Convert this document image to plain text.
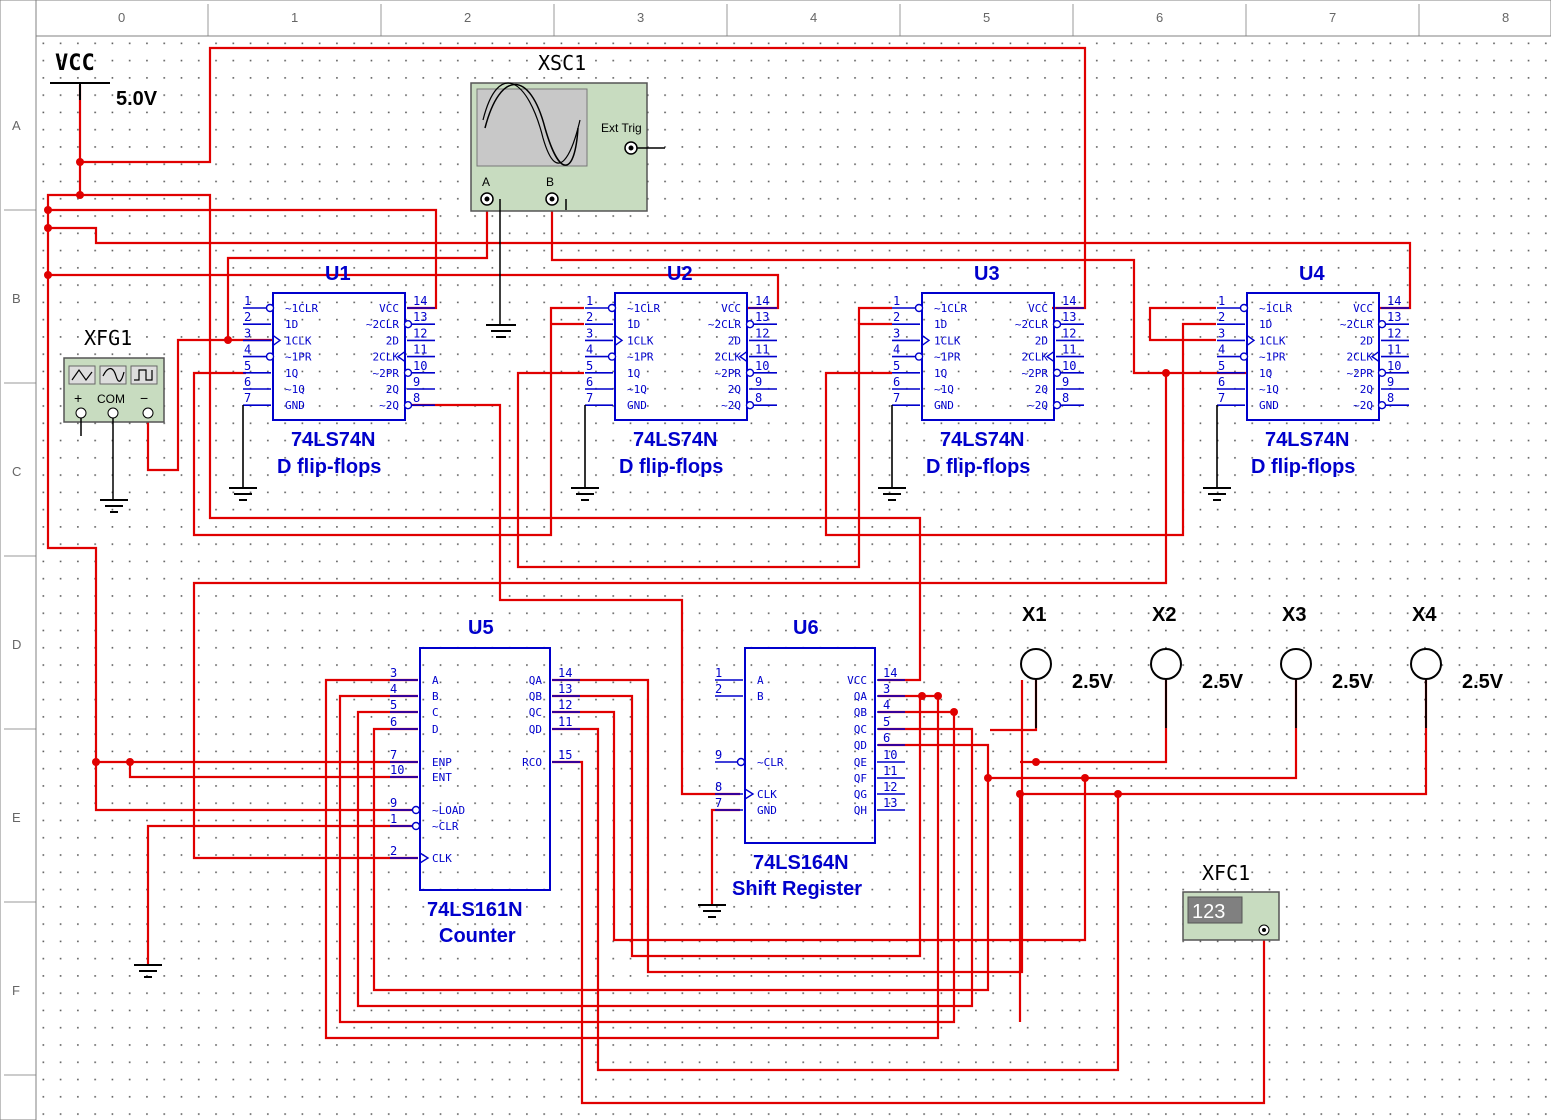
0	1	2	3	4	5	6	7	8
A
B
C
D
E
F
VCC
5.0V
XSC1
Ext Trig
A	B
XFG1
+ COM −
U1
74LS74N
D flip-flops
1
~1CLR
2
1D
3
1CLK
4
~1PR
5
1Q
6
~1Q
7
GND
14
VCC
13
~2CLR
12
2D
11
2CLK
10
~2PR
9
2Q
8
~2Q
U2
74LS74N
D flip-flops
1
~1CLR
2
1D
3
1CLK
4
~1PR
5
1Q
6
~1Q
7
GND
14
VCC
13
~2CLR
12
2D
11
2CLK
10
~2PR
9
2Q
8
~2Q
U3
74LS74N
D flip-flops
1
~1CLR
2
1D
3
1CLK
4
~1PR
5
1Q
6
~1Q
7
GND
14
VCC
13
~2CLR
12
2D
11
2CLK
10
~2PR
9
2Q
8
~2Q
U4
74LS74N
D flip-flops
1
~1CLR
2
1D
3
1CLK
4
~1PR
5
1Q
6
~1Q
7
GND
14
VCC
13
~2CLR
12
2D
11
2CLK
10
~2PR
9
2Q
8
~2Q
U5
74LS161N
Counter
3
A
4
B
5
C
6
D
7
ENP
10
ENT
9
~LOAD
1
~CLR
2
CLK
14
QA
13
QB
12
QC
11
QD
15
RCO
U6
74LS164N
Shift Register
1
A
2
B
9
~CLR
8
CLK
7
GND
14
VCC
3
QA
4
QB
5
QC
6
QD
10
QE
11
QF
12
QG
13
QH
X1
2.5V
X2
2.5V
X3
2.5V
X4
2.5V
XFC1
123
